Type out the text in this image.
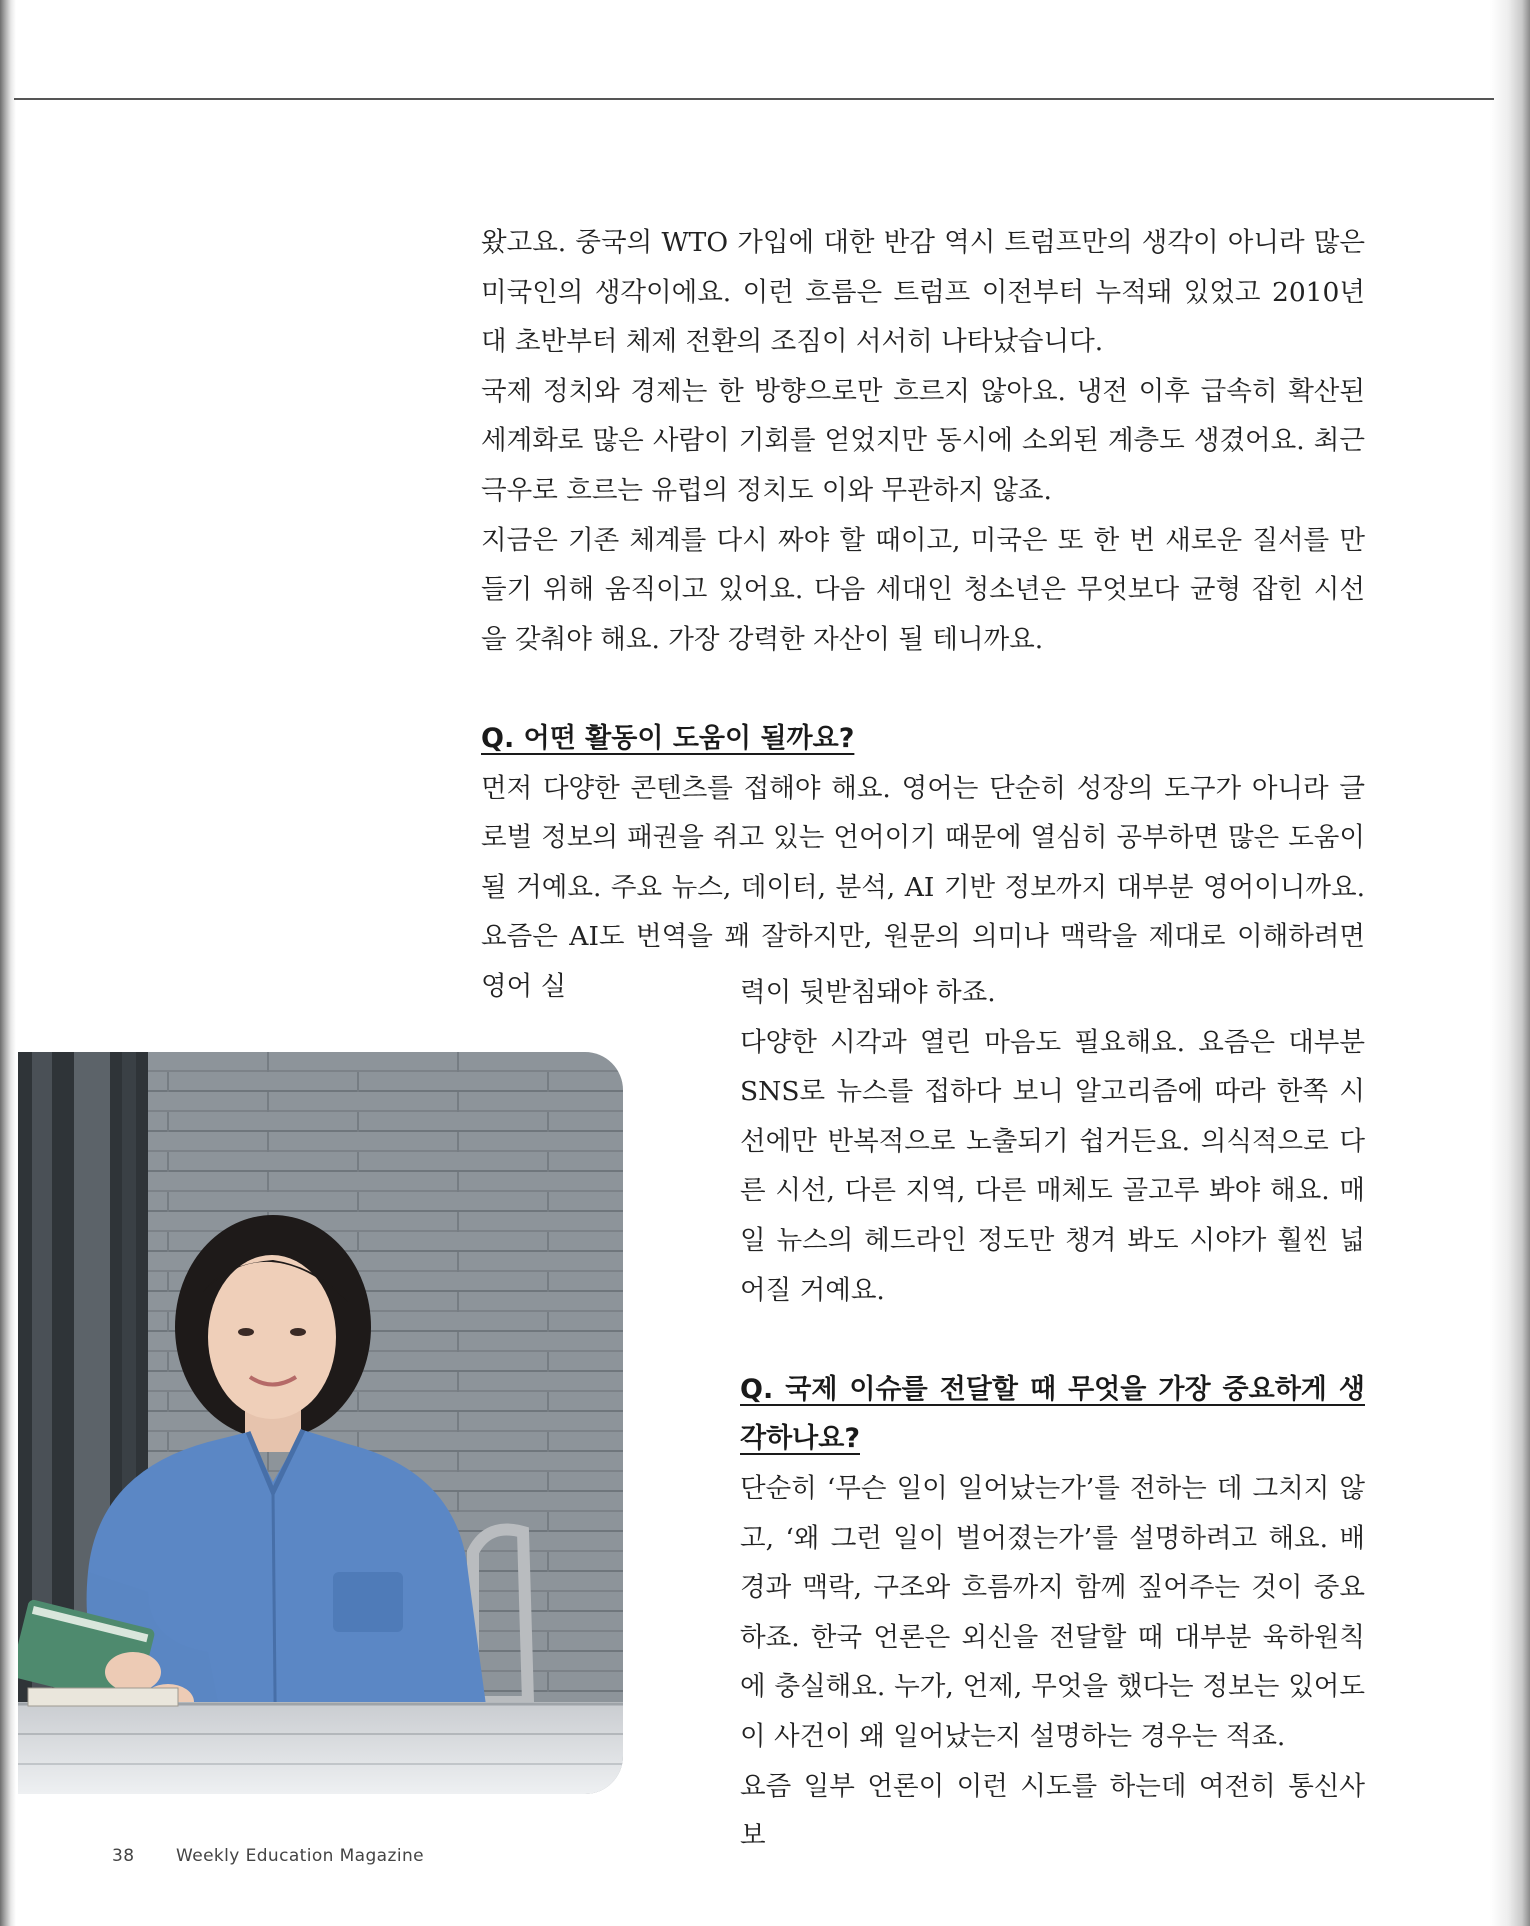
왔고요. 중국의 WTO 가입에 대한 반감 역시 트럼프만의 생각이 아니라 많은 미국인의 생각이에요. 이런 흐름은 트럼프 이전부터 누적돼 있었고 2010년대 초반부터 체제 전환의 조짐이 서서히 나타났습니다.

국제 정치와 경제는 한 방향으로만 흐르지 않아요. 냉전 이후 급속히 확산된 세계화로 많은 사람이 기회를 얻었지만 동시에 소외된 계층도 생겼어요. 최근 극우로 흐르는 유럽의 정치도 이와 무관하지 않죠.

지금은 기존 체계를 다시 짜야 할 때이고, 미국은 또 한 번 새로운 질서를 만들기 위해 움직이고 있어요. 다음 세대인 청소년은 무엇보다 균형 잡힌 시선을 갖춰야 해요. 가장 강력한 자산이 될 테니까요.

Q. 어떤 활동이 도움이 될까요?

먼저 다양한 콘텐츠를 접해야 해요. 영어는 단순히 성장의 도구가 아니라 글로벌 정보의 패권을 쥐고 있는 언어이기 때문에 열심히 공부하면 많은 도움이 될 거예요. 주요 뉴스, 데이터, 분석, AI 기반 정보까지 대부분 영어이니까요. 요즘은 AI도 번역을 꽤 잘하지만, 원문의 의미나 맥락을 제대로 이해하려면 영어 실	력이 뒷받침돼야 하죠.

다양한 시각과 열린 마음도 필요해요. 요즘은 대부분 SNS로 뉴스를 접하다 보니 알고리즘에 따라 한쪽 시선에만 반복적으로 노출되기 쉽거든요. 의식적으로 다른 시선, 다른 지역, 다른 매체도 골고루 봐야 해요. 매일 뉴스의 헤드라인 정도만 챙겨 봐도 시야가 훨씬 넓어질 거예요.

Q. 국제 이슈를 전달할 때 무엇을 가장 중요하게 생각하나요?

단순히 ‘무슨 일이 일어났는가’를 전하는 데 그치지 않고, ‘왜 그런 일이 벌어졌는가’를 설명하려고 해요. 배경과 맥락, 구조와 흐름까지 함께 짚어주는 것이 중요하죠. 한국 언론은 외신을 전달할 때 대부분 육하원칙에 충실해요. 누가, 언제, 무엇을 했다는 정보는 있어도 이 사건이 왜 일어났는지 설명하는 경우는 적죠.

요즘 일부 언론이 이런 시도를 하는데 여전히 통신사 보

38 Weekly Education Magazine
